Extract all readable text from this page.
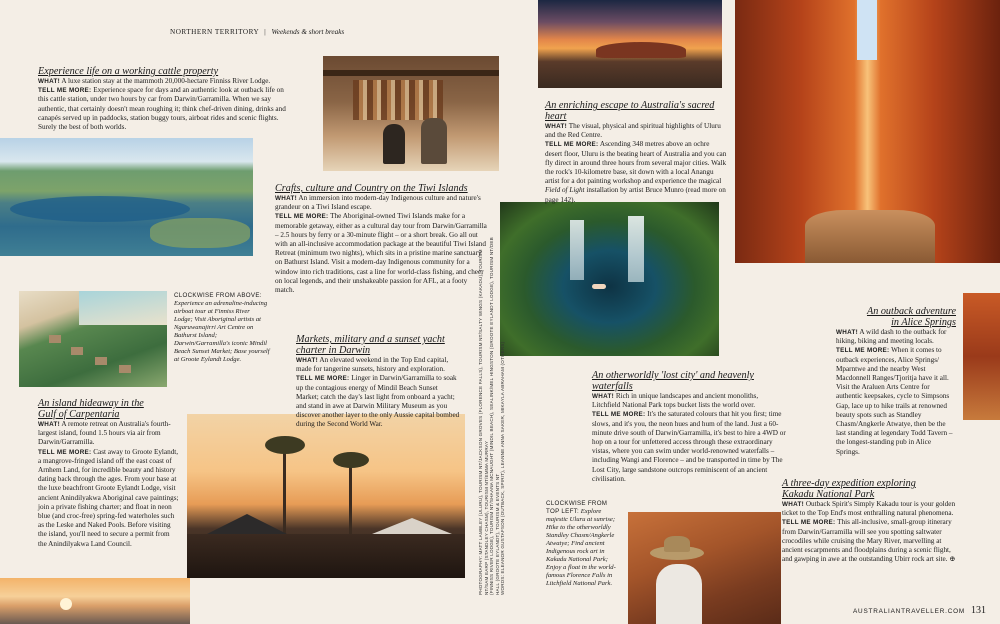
NORTHERN TERRITORY | Weekends & short breaks
Experience life on a working cattle property
WHAT! A luxe station stay at the mammoth 20,000-hectare Finniss River Lodge.
TELL ME MORE: Experience space for days and an authentic look at outback life on this cattle station, under two hours by car from Darwin/Garramilla. When we say authentic, that certainly doesn't mean roughing it; think chef-driven dining, drinks and canapés served up in paddocks, station buggy tours, airboat rides and scenic flights. Surely the best of both worlds.
Crafts, culture and Country on the Tiwi Islands
WHAT! An immersion into modern-day Indigenous culture and nature's grandeur on a Tiwi Island escape.
TELL ME MORE: The Aboriginal-owned Tiwi Islands make for a memorable getaway, either as a cultural day tour from Darwin/Garramilla – 2.5 hours by ferry or a 30-minute flight – or a short break. Go all out with an all-inclusive accommodation package at the beautiful Tiwi Island Retreat (minimum two nights), which sits in a pristine marine sanctuary on Bathurst Island. Visit a modern-day Indigenous community for a window into rich traditions, cast a line for world-class fishing, and cheer on local legends, and their unshakeable passion for AFL, at a footy match.
An enriching escape to Australia's sacred heart
WHAT! The visual, physical and spiritual highlights of Uluru and the Red Centre.
TELL ME MORE: Ascending 348 metres above an ochre desert floor, Uluru is the beating heart of Australia and you can fly direct in around three hours from several major cities. Walk the rock's 10-kilometre base, sit down with a local Anangu artist for a dot painting workshop and experience the magical Field of Light installation by artist Bruce Munro (read more on page 142).
CLOCKWISE FROM ABOVE: Experience an adrenaline-inducing airboat tour at Finniss River Lodge; Visit Aboriginal artists at Ngaruwanajirri Art Centre on Bathurst Island; Darwin/Garramilla's iconic Mindil Beach Sunset Market; Base yourself at Groote Eylandt Lodge.
An island hideaway in the
Gulf of Carpentaria
WHAT! A remote retreat on Australia's fourth-largest island, found 1.5 hours via air from Darwin/Garramilla.
TELL ME MORE: Cast away to Groote Eylandt, a mangrove-fringed island off the east coast of Arnhem Land, for incredible beauty and history dating back through the ages. From your base at the luxe beachfront Groote Eylandt Lodge, visit ancient Anindilyakwa Aboriginal cave paintings; join a private fishing charter; and float in neon blue (and croc-free) spring-fed waterholes such as the Leske and Naked Pools. Before visiting the island, you'll need to secure a permit from the Anindilyakwa Land Council.
Markets, military and a sunset yacht
charter in Darwin
WHAT! An elevated weekend in the Top End capital, made for tangerine sunsets, history and exploration.
TELL ME MORE: Linger in Darwin/Garramilla to soak up the contagious energy of Mindil Beach Sunset Market; catch the day's last light from onboard a yacht; and stand in awe at Darwin Military Museum as you discover another layer to the only Aussie capital bombed during the Second World War.	PHOTOGRAPHY: MATT LAMBLEY (ULURU), TOURISM NT/JACKSON GROVES (FLORENCE FALLS), TOURISM NT/SALTY WINGS (KAKADU), TOURISM NT/SAM EARP (STANDLEY CHASM), TOURISM NT/EMMA MURRAY (FINNISS RIVER LODGE), TOURISM NT/SHAANA MCNAUGHT (MINDIL BEACH), SEALINK/MEL HINGSTON (GROOTE EYLANDT LODGE), TOURISM NT/DEB HALL (GROOTE EYLANDT), TOURISM & EVENTS NT WORDS: ELEANOR GUSTAFSON (OUTBACK, SPIRIT), LEANNE ANNA SAKER, MIKAYLA ABRAHAM (OTHERS)	An otherworldly 'lost city' and heavenly waterfalls
WHAT! Rich in unique landscapes and ancient monoliths, Litchfield National Park tops bucket lists the world over.
TELL ME MORE: It's the saturated colours that hit you first; time slows, and it's you, the neon hues and hum of the land. Just a 60-minute drive south of Darwin/Garramilla, it's best to hire a 4WD or hop on a tour for unfettered access through these extraordinary vistas, where you can swim under world-renowned waterfalls – including Wangi and Florence – and be transported in time by The Lost City, large sandstone outcrops reminiscent of an ancient civilisation.
CLOCKWISE FROM TOP LEFT: Explore majestic Uluru at sunrise; Hike to the otherworldly Standley Chasm/Angkerle Atwatye; Find ancient Indigenous rock art in Kakadu National Park; Enjoy a float in the world-famous Florence Falls in Litchfield National Park.
An outback adventure
in Alice Springs
WHAT! A wild dash to the outback for hiking, biking and meeting locals.
TELL ME MORE: When it comes to outback experiences, Alice Springs/ Mparntwe and the nearby West Macdonnell Ranges/Tjoritja have it all. Visit the Araluen Arts Centre for authentic keepsakes, cycle to Simpsons Gap, lace up to hike trails at renowned beauty spots such as Standley Chasm/Angkerle Atwatye, then be the last standing at legendary Todd Tavern – the longest-standing pub in Alice Springs.
A three-day expedition exploring
Kakadu National Park
WHAT! Outback Spirit's Simply Kakadu tour is your golden ticket to the Top End's most enthralling natural phenomena.
TELL ME MORE: This all-inclusive, small-group itinerary from Darwin/Garramilla will see you spotting saltwater crocodiles while cruising the Mary River, marvelling at ancient escarpments and floodplains during a scenic flight, and gawping in awe at the outstanding Ubirr rock art site. ⊕
AUSTRALIANTRAVELLER.COM 131
